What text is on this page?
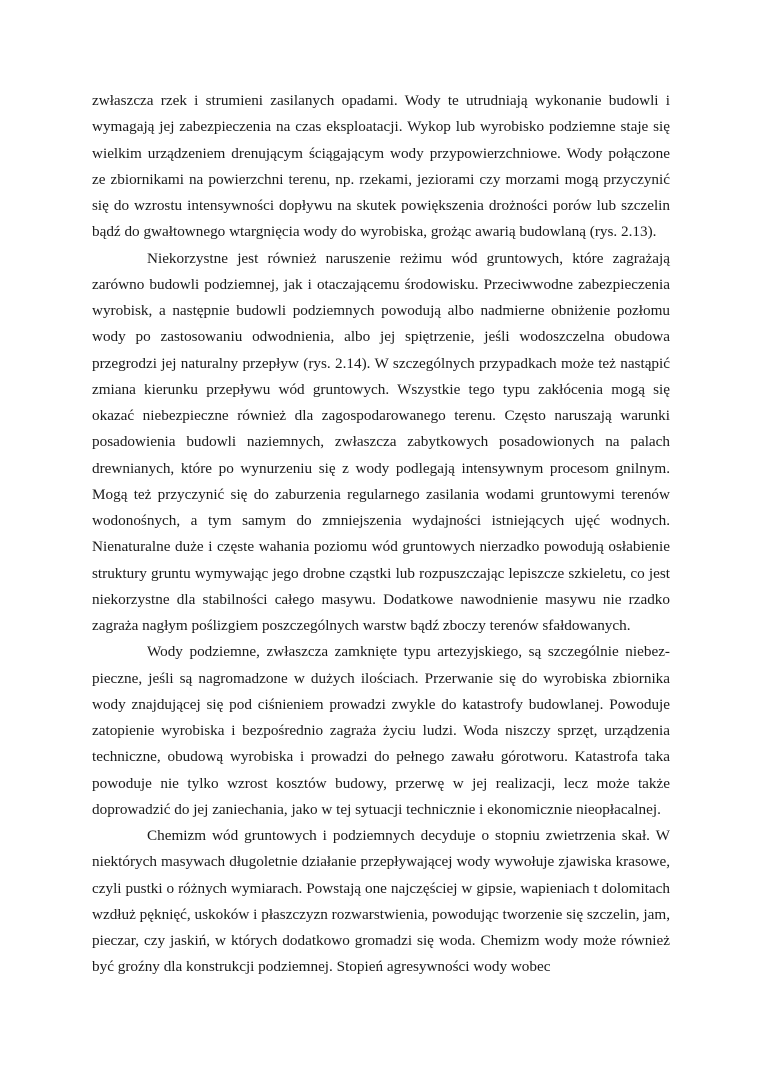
zwłaszcza rzek i strumieni zasilanych opadami. Wody te utrudniają wykonanie budowli i wymagają jej zabezpieczenia na czas eksploatacji. Wykop lub wyrobisko podziemne staje się wielkim urządzeniem drenującym ściągającym wody przypowierzchniowe. Wody połączone ze zbiornikami na powierzchni terenu, np. rzekami, jeziorami czy morzami mogą przyczynić się do wzrostu intensywności dopływu na skutek powiększenia drożności porów lub szczelin bądź do gwałtownego wtargnięcia wody do wyrobiska, grożąc awarią budowlaną (rys. 2.13).

Niekorzystne jest również naruszenie reżimu wód gruntowych, które zagrażają zarówno budowli podziemnej, jak i otaczającemu środowisku. Przeciwwodne zabezpieczenia wyrobisk, a następnie budowli podziemnych powodują albo nadmierne obniżenie pozłomu wody po zastosowaniu odwodnienia, albo jej spiętrzenie, jeśli wodoszczelna obudowa przegrodzi jej naturalny przepływ (rys. 2.14). W szczególnych przypadkach może też nastąpić zmiana kierunku przepływu wód gruntowych. Wszystkie tego typu zakłócenia mogą się okazać niebezpieczne również dla zagospodarowanego terenu. Często naruszają warunki posadowienia budowli naziemnych, zwłaszcza zabytkowych posadowionych na palach drewnianych, które po wynurzeniu się z wody podlegają intensywnym procesom gnilnym. Mogą też przyczynić się do zaburzenia regularnego zasilania wodami gruntowymi terenów wodonośnych, a tym samym do zmniejszenia wydajności istniejących ujęć wodnych. Nienaturalne duże i częste wahania poziomu wód gruntowych nierzadko powodują osłabienie struktury gruntu wymywając jego drobne cząstki lub rozpuszczając lepiszcze szkieletu, co jest niekorzystne dla stabilności całego masywu. Dodatkowe nawodnienie masywu nie rzadko zagraża nagłym poślizgiem poszczególnych warstw bądź zboczy terenów sfałdowanych.

Wody podziemne, zwłaszcza zamknięte typu artezyjskiego, są szczególnie niebez-pieczne, jeśli są nagromadzone w dużych ilościach. Przerwanie się do wyrobiska zbiornika wody znajdującej się pod ciśnieniem prowadzi zwykle do katastrofy budowlanej. Powoduje zatopienie wyrobiska i bezpośrednio zagraża życiu ludzi. Woda niszczy sprzęt, urządzenia techniczne, obudową wyrobiska i prowadzi do pełnego zawału górotworu. Katastrofa taka powoduje nie tylko wzrost kosztów budowy, przerwę w jej realizacji, lecz może także doprowadzić do jej zaniechania, jako w tej sytuacji technicznie i ekonomicznie nieopłacalnej.

Chemizm wód gruntowych i podziemnych decyduje o stopniu zwietrzenia skał. W niektórych masywach długoletnie działanie przepływającej wody wywołuje zjawiska krasowe, czyli pustki o różnych wymiarach. Powstają one najczęściej w gipsie, wapieniach t dolomitach wzdłuż pęknięć, uskoków i płaszczyzn rozwarstwienia, powodując tworzenie się szczelin, jam, pieczar, czy jaskiń, w których dodatkowo gromadzi się woda. Chemizm wody może również być groźny dla konstrukcji podziemnej. Stopień agresywności wody wobec
